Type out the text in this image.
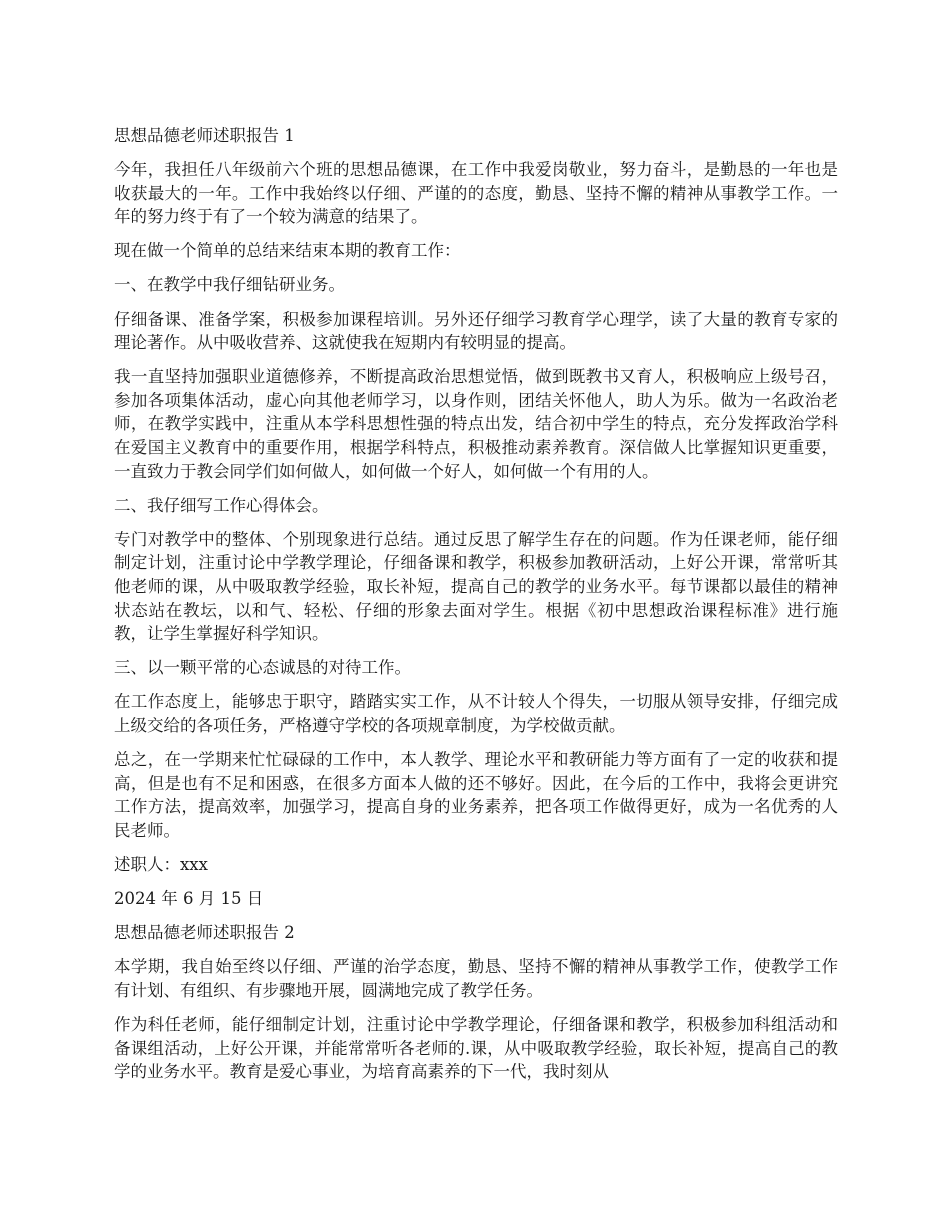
思想品德老师述职报告 1

今年，我担任八年级前六个班的思想品德课，在工作中我爱岗敬业，努力奋斗，是勤恳的一年也是收获最大的一年。工作中我始终以仔细、严谨的的态度，勤恳、坚持不懈的精神从事教学工作。一年的努力终于有了一个较为满意的结果了。

现在做一个简单的总结来结束本期的教育工作：

一、在教学中我仔细钻研业务。

仔细备课、准备学案，积极参加课程培训。另外还仔细学习教育学心理学，读了大量的教育专家的理论著作。从中吸收营养、这就使我在短期内有较明显的提高。

我一直坚持加强职业道德修养，不断提高政治思想觉悟，做到既教书又育人，积极响应上级号召，参加各项集体活动，虚心向其他老师学习，以身作则，团结关怀他人，助人为乐。做为一名政治老师，在教学实践中，注重从本学科思想性强的特点出发，结合初中学生的特点，充分发挥政治学科在爱国主义教育中的重要作用，根据学科特点，积极推动素养教育。深信做人比掌握知识更重要，一直致力于教会同学们如何做人，如何做一个好人，如何做一个有用的人。

二、我仔细写工作心得体会。

专门对教学中的整体、个别现象进行总结。通过反思了解学生存在的问题。作为任课老师，能仔细制定计划，注重讨论中学教学理论，仔细备课和教学，积极参加教研活动，上好公开课，常常听其他老师的课，从中吸取教学经验，取长补短，提高自己的教学的业务水平。每节课都以最佳的精神状态站在教坛，以和气、轻松、仔细的形象去面对学生。根据《初中思想政治课程标准》进行施教，让学生掌握好科学知识。

三、以一颗平常的心态诚恳的对待工作。

在工作态度上，能够忠于职守，踏踏实实工作，从不计较人个得失，一切服从领导安排，仔细完成上级交给的各项任务，严格遵守学校的各项规章制度，为学校做贡献。

总之，在一学期来忙忙碌碌的工作中，本人教学、理论水平和教研能力等方面有了一定的收获和提高，但是也有不足和困惑，在很多方面本人做的还不够好。因此，在今后的工作中，我将会更讲究工作方法，提高效率，加强学习，提高自身的业务素养，把各项工作做得更好，成为一名优秀的人民老师。

述职人：xxx

2024 年 6 月 15 日

思想品德老师述职报告 2

本学期，我自始至终以仔细、严谨的治学态度，勤恳、坚持不懈的精神从事教学工作，使教学工作有计划、有组织、有步骤地开展，圆满地完成了教学任务。

作为科任老师，能仔细制定计划，注重讨论中学教学理论，仔细备课和教学，积极参加科组活动和备课组活动，上好公开课，并能常常听各老师的.课，从中吸取教学经验，取长补短，提高自己的教学的业务水平。教育是爱心事业，为培育高素养的下一代，我时刻从
